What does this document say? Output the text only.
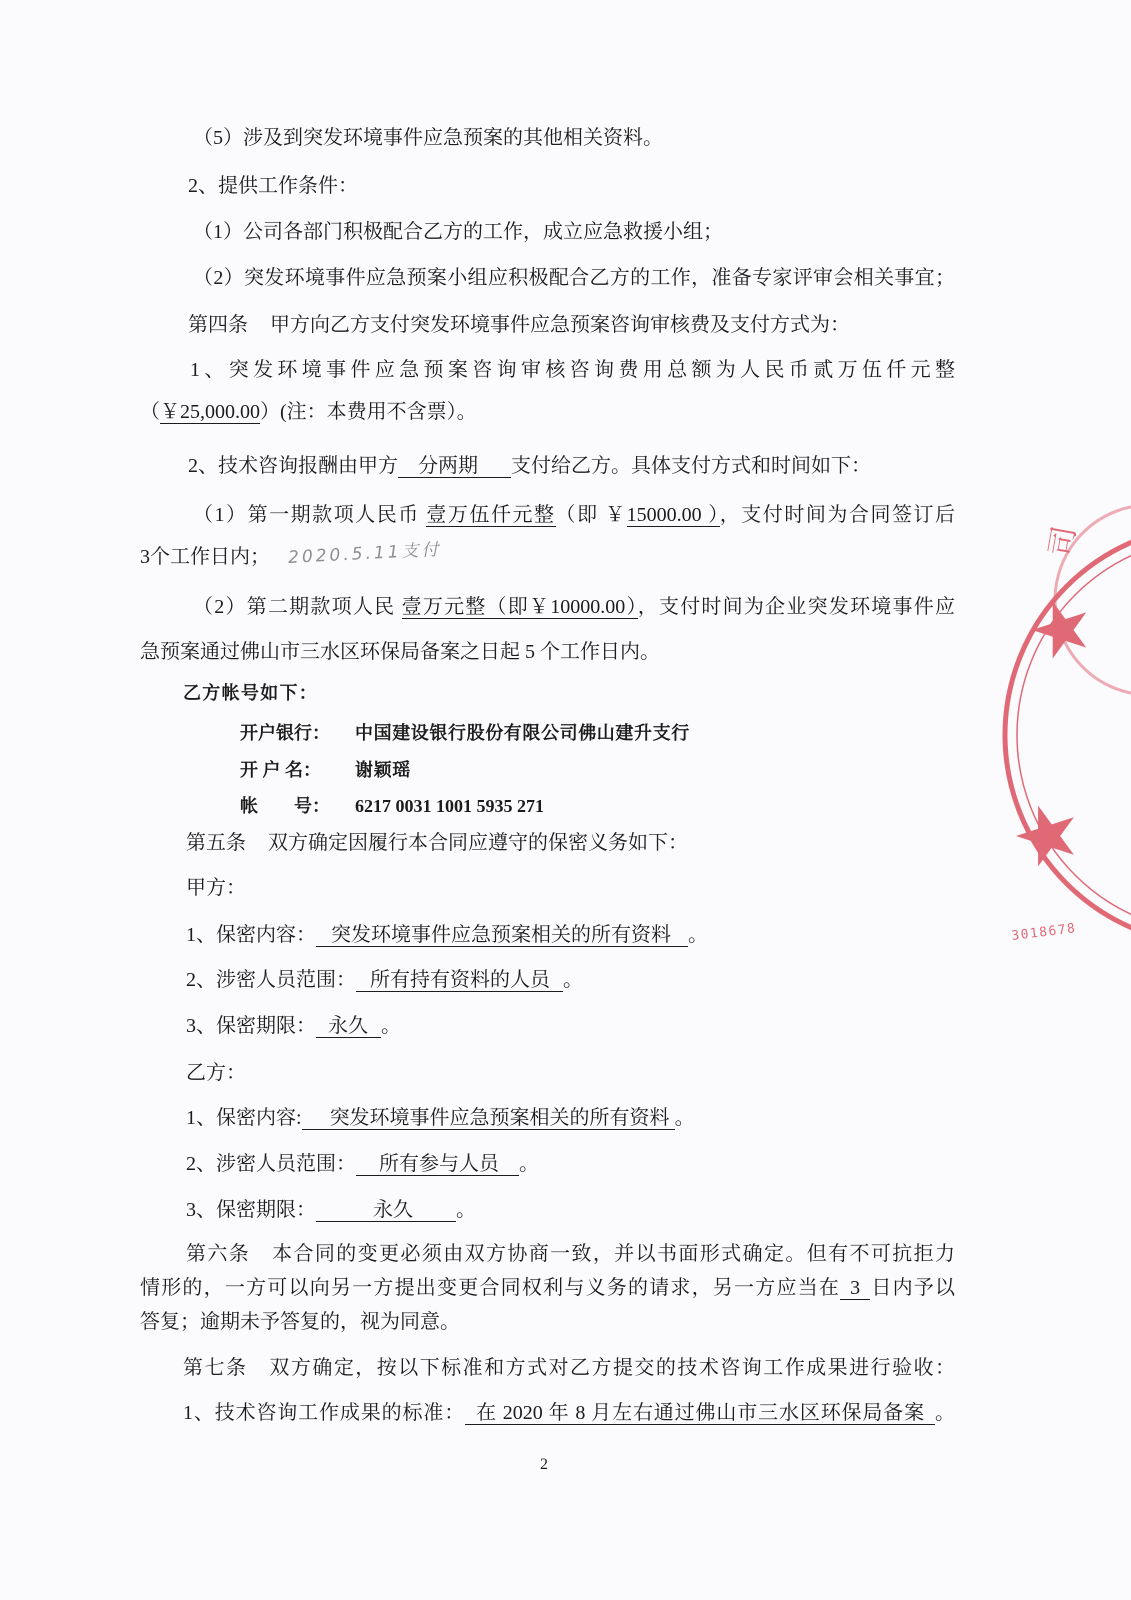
（5）涉及到突发环境事件应急预案的其他相关资料。
2、提供工作条件：
（1）公司各部门积极配合乙方的工作，成立应急救援小组；
（2）突发环境事件应急预案小组应积极配合乙方的工作，准备专家评审会相关事宜；
第四条 甲方向乙方支付突发环境事件应急预案咨询审核费及支付方式为：
1、突发环境事件应急预案咨询审核咨询费用总额为人民币贰万伍仟元整
（￥25,000.00）(注：本费用不含票）。
2、技术咨询报酬由甲方 分两期 支付给乙方。具体支付方式和时间如下：
（1）第一期款项人民币 壹万伍仟元整（即 ￥15000.00 ），支付时间为合同签订后
3个工作日内； 2020.5.11支付
（2）第二期款项人民 壹万元整（即￥10000.00），支付时间为企业突发环境事件应
急预案通过佛山市三水区环保局备案之日起 5 个工作日内。
乙方帐号如下：
开户银行： 中国建设银行股份有限公司佛山建升支行
开 户 名： 谢颖瑶
帐　　号： 6217 0031 1001 5935 271
第五条 双方确定因履行本合同应遵守的保密义务如下：
甲方：
1、保密内容： 突发环境事件应急预案相关的所有资料 。
2、涉密人员范围： 所有持有资料的人员 。
3、保密期限： 永久 。
乙方：
1、保密内容: 突发环境事件应急预案相关的所有资料 。
2、涉密人员范围： 所有参与人员 。
3、保密期限：	永久 。
第六条 本合同的变更必须由双方协商一致，并以书面形式确定。但有不可抗拒力
情形的，一方可以向另一方提出变更合同权利与义务的请求，另一方应当在 3 日内予以
答复；逾期未予答复的，视为同意。
第七条 双方确定，按以下标准和方式对乙方提交的技术咨询工作成果进行验收：
1、技术咨询工作成果的标准： 在 2020 年 8 月左右通过佛山市三水区环保局备案 。
2
司
3018678
